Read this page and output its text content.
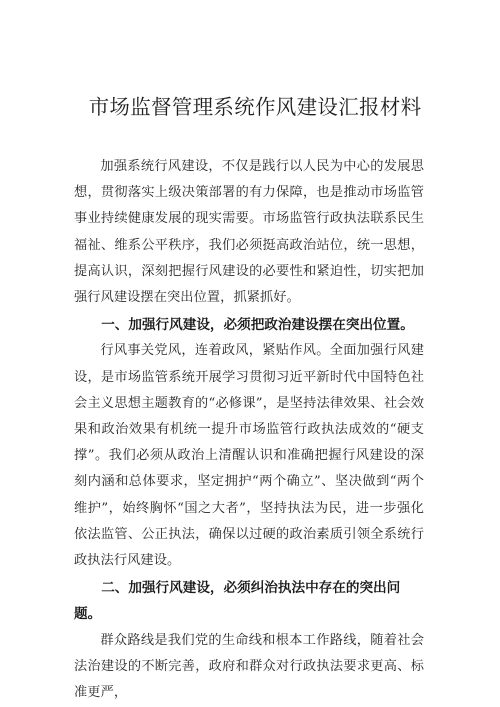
市场监督管理系统作风建设汇报材料

加强系统行风建设，不仅是践行以人民为中心的发展思想，贯彻落实上级决策部署的有力保障，也是推动市场监管事业持续健康发展的现实需要。市场监管行政执法联系民生福祉、维系公平秩序，我们必须挺高政治站位，统一思想，提高认识，深刻把握行风建设的必要性和紧迫性，切实把加强行风建设摆在突出位置，抓紧抓好。

一、加强行风建设，必须把政治建设摆在突出位置。

行风事关党风，连着政风，紧贴作风。全面加强行风建设，是市场监管系统开展学习贯彻习近平新时代中国特色社会主义思想主题教育的“必修课”，是坚持法律效果、社会效果和政治效果有机统一提升市场监管行政执法成效的“硬支撑”。我们必须从政治上清醒认识和准确把握行风建设的深刻内涵和总体要求，坚定拥护“两个确立”、坚决做到“两个维护”，始终胸怀“国之大者”，坚持执法为民，进一步强化依法监管、公正执法，确保以过硬的政治素质引领全系统行政执法行风建设。

二、加强行风建设，必须纠治执法中存在的突出问题。

群众路线是我们党的生命线和根本工作路线，随着社会法治建设的不断完善，政府和群众对行政执法要求更高、标准更严，
